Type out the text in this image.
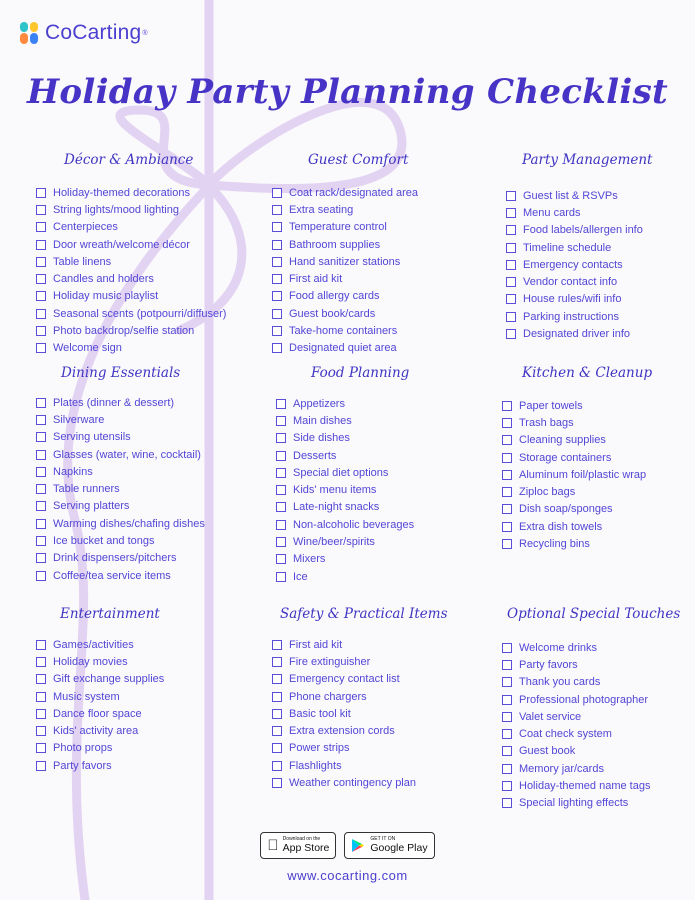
CoCarting ®
Holiday Party Planning Checklist
Décor & Ambiance
Holiday-themed decorations
String lights/mood lighting
Centerpieces
Door wreath/welcome décor
Table linens
Candles and holders
Holiday music playlist
Seasonal scents (potpourri/diffuser)
Photo backdrop/selfie station
Welcome sign
Guest Comfort
Coat rack/designated area
Extra seating
Temperature control
Bathroom supplies
Hand sanitizer stations
First aid kit
Food allergy cards
Guest book/cards
Take-home containers
Designated quiet area
Party Management
Guest list & RSVPs
Menu cards
Food labels/allergen info
Timeline schedule
Emergency contacts
Vendor contact info
House rules/wifi info
Parking instructions
Designated driver info
Dining Essentials
Plates (dinner & dessert)
Silverware
Serving utensils
Glasses (water, wine, cocktail)
Napkins
Table runners
Serving platters
Warming dishes/chafing dishes
Ice bucket and tongs
Drink dispensers/pitchers
Coffee/tea service items
Food Planning
Appetizers
Main dishes
Side dishes
Desserts
Special diet options
Kids' menu items
Late-night snacks
Non-alcoholic beverages
Wine/beer/spirits
Mixers
Ice
Kitchen & Cleanup
Paper towels
Trash bags
Cleaning supplies
Storage containers
Aluminum foil/plastic wrap
Ziploc bags
Dish soap/sponges
Extra dish towels
Recycling bins
Entertainment
Games/activities
Holiday movies
Gift exchange supplies
Music system
Dance floor space
Kids' activity area
Photo props
Party favors
Safety & Practical Items
First aid kit
Fire extinguisher
Emergency contact list
Phone chargers
Basic tool kit
Extra extension cords
Power strips
Flashlights
Weather contingency plan
Optional Special Touches
Welcome drinks
Party favors
Thank you cards
Professional photographer
Valet service
Coat check system
Guest book
Memory jar/cards
Holiday-themed name tags
Special lighting effects
Download on the
App Store
GET IT ON
Google Play
www.cocarting.com
